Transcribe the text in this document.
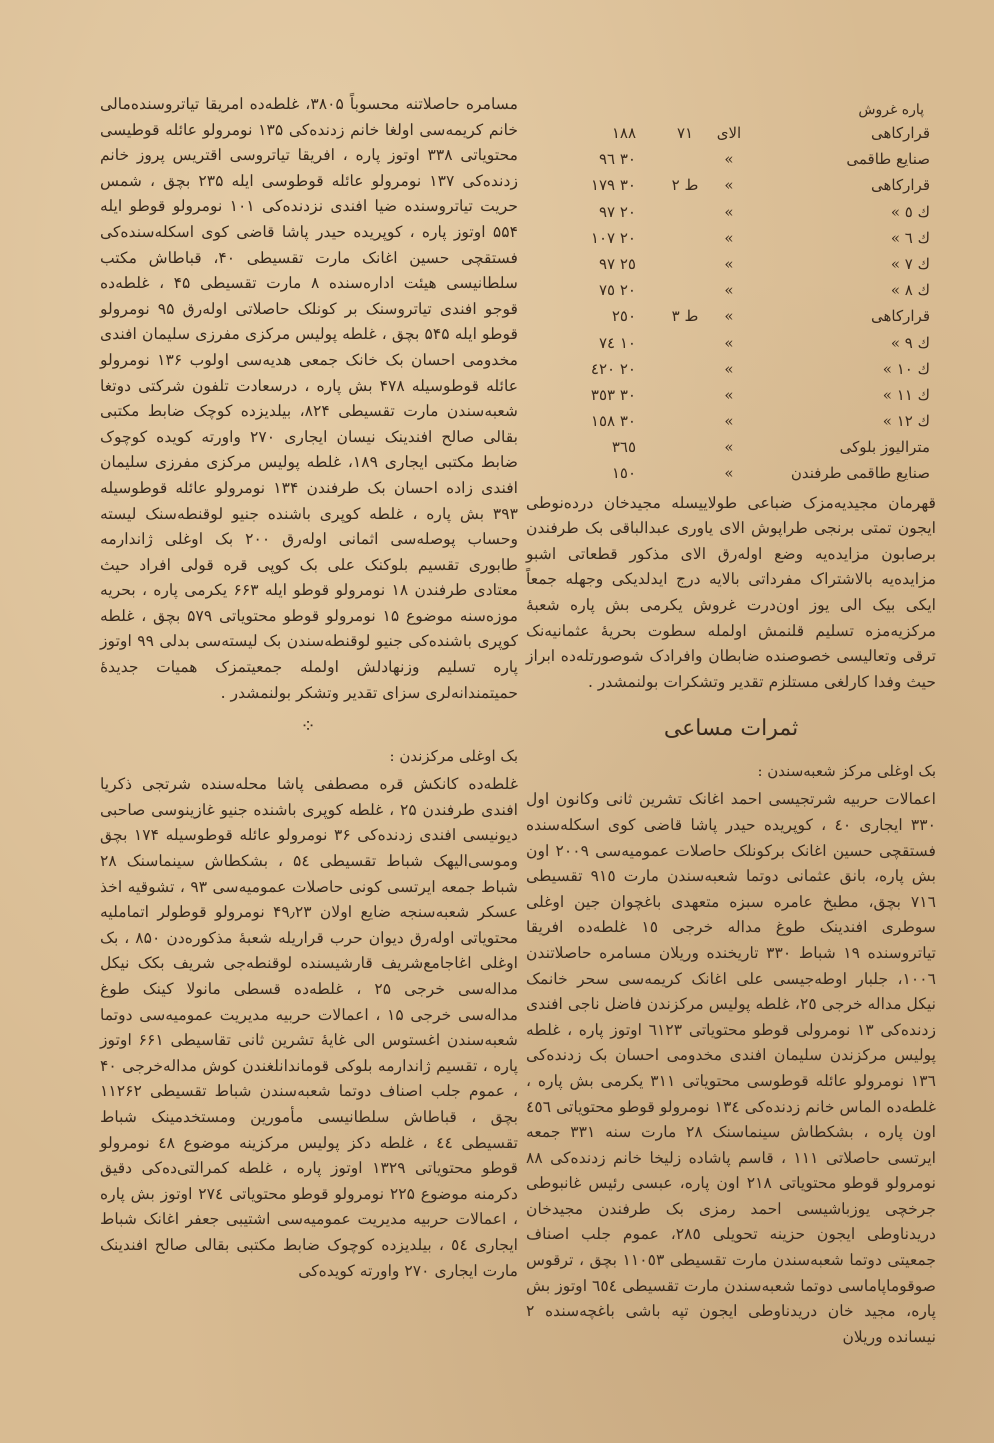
مسامره حاصلاتنه محسوباً ۳۸۰۵، غلطه‌ده امریقا تیاتروسنده‌مالی خانم کریمه‌سی اولغا خانم زدنده‌کی ۱۳۵ نومرولو عائله قوطیسی محتویاتی ۳۳۸ اوتوز پاره ، افریقا تیاتروسی اقتریس پروز خانم زدنده‌کی ۱۳۷ نومرولو عائله قوطوسی ایله ۲۳۵ بچق ، شمس حریت تیاتروسنده ضیا افندی نزدنده‌کی ۱۰۱ نومرولو قوطو ایله ۵۵۴ اوتوز پاره ، کوپریده حیدر پاشا قاضی کوی اسکله‌سنده‌کی فستقچی حسین اغانک مارت تقسیطی ۴۰، قباطاش مکتب سلطانیسی هیئت اداره‌سنده ۸ مارت تقسیطی ۴۵ ، غلطه‌ده قوجو افندی تیاتروسنک بر کونلک حاصلاتی اوله‌رق ۹۵ نومرولو قوطو ایله ۵۴۵ بچق ، غلطه پولیس مرکزی مفرزی سلیمان افندی مخدومی احسان بک خانک جمعی هدیه‌سی اولوب ۱۳۶ نومرولو عائله قوطوسیله ۴۷۸ بش پاره ، درسعادت تلفون شرکتی دوتغا شعبه‌سندن مارت تقسیطی ۸۲۴، بیلدیزده کوچک ضابط مکتبی بقالی صالح افندینک نیسان ایجاری ۲۷۰ واورته کویده کوچوک ضابط مکتبی ایجاری ۱۸۹، غلطه پولیس مرکزی مفرزی سلیمان افندی زاده احسان بک طرفندن ۱۳۴ نومرولو عائله قوطوسیله ۳۹۳ بش پاره ، غلطه کوپری باشنده جنیو لوقنطه‌سنک لیسته وحساب پوصله‌سی اثمانی اوله‌رق ۲۰۰ بک اوغلی ژاندارمه طابوری تقسیم بلوکنک علی بک کوپی قره قولی افراد حیث معتادی طرفندن ۱۸ نومرولو قوطو ایله ۶۶۳ یکرمی پاره ، بحریه موزه‌سنه موضوع ۱۵ نومرولو قوطو محتویاتی ۵۷۹ بچق ، غلطه کوپری باشنده‌کی جنیو لوقنطه‌سندن بک لیسته‌سی بدلی ۹۹ اوتوز پاره تسلیم وزنهادلش اولمله جمعیتمزک همیات جدیدۀ حمیتمندانه‌لری سزای تقدیر وتشکر بولنمشدر .

⁘
بک اوغلی مرکزندن :

غلطه‌ده کانکش قره مصطفی پاشا محله‌سنده شرتجی ذکریا افندی طرفندن ۲۵ ، غلطه کوپری باشنده جنیو غازینوسی صاحبی دیونیسی افندی زدنده‌کی ۳۶ نومرولو عائله قوطوسیله ۱۷۴ بچق وموسی‌الیهک شباط تقسیطی ۵٤ ، بشکطاش سینماسنک ۲۸ شباط جمعه ایرتسی کونی حاصلات عمومیه‌سی ۹۳ ، تشوقیه اخذ عسکر شعبه‌سنجه ضایع اولان ۴۹٫۲۳ نومرولو قوطولر اتماملیه محتویاتی اوله‌رق دیوان حرب قراریله شعبۀ مذکوره‌دن ۸۵۰ ، بک اوغلی اغاجامع‌شریف قارشیسنده لوقنطه‌جی شریف بکک نیکل مداله‌سی خرجی ۲۵ ، غلطه‌ده قسطی مانولا کینک طوغ مداله‌سی خرجی ۱۵ ، اعمالات حربیه مدیریت عمومیه‌سی دوتما شعبه‌سندن اغستوس الی غایۀ تشرین ثانی تقاسیطی ۶۶۱ اوتوز پاره ، تقسیم ژاندارمه بلوکی قوماندانلغندن کوش مداله‌خرجی ۴۰ ، عموم جلب اصناف دوتما شعبه‌سندن شباط تقسیطی ۱۱۲۶۲ بچق ، قباطاش سلطانیسی مأمورین ومستخدمینک شباط تقسیطی ٤٤ ، غلطه دکز پولیس مرکزینه موضوع ٤٨ نومرولو قوطو محتویاتی ۱۳۲۹ اوتوز پاره ، غلطه کمرالتی‌ده‌کی دقیق دکرمنه موضوع ۲۲۵ نومرولو قوطو محتویاتی ۲۷٤ اوتوز بش پاره ، اعمالات حربیه مدیریت عمومیه‌سی اشتیبی جعفر اغانک شباط ایجاری ٥٤ ، بیلدیزده کوچوک ضابط مکتبی بقالی صالح افندینک مارت ایجاری ۲۷۰ واورته کویده‌کی

پاره غروش
قرارکاهی
الای
۷۱
۱۸۸
صنایع طاقمی
»
۳۰ ۹٦
قرارکاهی
»
ط ۲
۳۰ ۱۷۹
ك ٥ »
»
۲۰ ۹۷
ك ٦ »
»
۲۰ ۱۰۷
ك ۷ »
»
۲٥ ۹۷
ك ۸ »
»
۲۰ ۷٥
قرارکاهی
»
ط ۳
۲٥۰
ك ۹ »
»
۱۰ ۷٤
ك ۱۰ »
»
۲۰ ٤۲۰
ك ۱۱ »
»
۳۰ ۳٥۳
ك ۱۲ »
»
۳۰ ۱٥۸
مترالیوز بلوکی
»
۳٦٥
صنایع طاقمی طرفندن
»
۱٥۰

قهرمان مجیدیه‌مزک ضباعی طولاییسله مجیدخان دردەنوطی ایجون تمتی برنجی طراپوش الای یاوری عبدالباقی بک طرفندن برصابون مزایده‌یه وضع اوله‌رق الای مذکور قطعاتی اشبو مزایده‌یه بالاشتراک مفرداتی بالایه درج ایدلدیکی وجهله جمعاً ایکی بیک الی یوز اون‌درت غروش یکرمی بش پاره شعبۀ مرکزیه‌مزه تسلیم قلنمش اولمله سطوت بحریۀ عثمانیه‌نک ترقی وتعالیسی خصوصنده ضابطان وافرادک شوصورتله‌ده ابراز حیث وفدا کارلغی مستلزم تقدیر وتشکرات بولنمشدر .

ثمرات مساعی
بک اوغلی مرکز شعبه‌سندن :

اعمالات حربیه شرتجیسی احمد اغانک تشرین ثانی وکانون اول ۳۳۰ ایجاری ٤۰ ، کوپریده حیدر پاشا قاضی کوی اسکله‌سنده فستقچی حسین اغانک برکونلک حاصلات عمومیه‌سی ۲۰۰۹ اون بش پاره، بانق عثمانی دوتما شعبه‌سندن مارت ۹۱٥ تقسیطی ۷۱٦ بچق، مطبخ عامره سبزه متعهدی باغچوان جین اوغلی سوطری افندینک طوغ مداله خرجی ۱٥ غلطه‌ده افریقا تیاتروسنده ۱۹ شباط ۳۳۰ تاریخنده وریلان مسامره حاصلاتندن ۱۰۰٦، جلبار اوطه‌جیسی علی اغانک کریمه‌سی سحر خانمک نیکل مداله خرجی ۲٥، غلطه پولیس مرکزندن فاضل ناجی افندی زدنده‌کی ۱۳ نومرولی قوطو محتویاتی ٦۱۲۳ اوتوز پاره ، غلطه پولیس مرکزندن سلیمان افندی مخدومی احسان بک زدنده‌کی ۱۳٦ نومرولو عائله قوطوسی محتویاتی ۳۱۱ یکرمی بش پاره ، غلطه‌ده الماس خانم زدنده‌کی ۱۳٤ نومرولو قوطو محتویاتی ٤٥٦ اون پاره ، بشکطاش سینماسنک ۲۸ مارت سنه ۳۳۱ جمعه ایرتسی حاصلاتی ۱۱۱ ، قاسم پاشاده زلیخا خانم زدنده‌کی ۸۸ نومرولو قوطو محتویاتی ۲۱۸ اون پاره، عبسی رئیس غانبوطی جرخچی یوزباشیسی احمد رمزی بک طرفندن مجیدخان دریدناوطی ایجون حزینه تحویلی ۲۸٥، عموم جلب اصناف جمعیتی دوتما شعبه‌سندن مارت تقسیطی ۱۱۰٥۳ بچق ، ترقوس صوقوماپاماسی دوتما شعبه‌سندن مارت تقسیطی ٦٥٤ اوتوز بش پاره، مجید خان دریدناوطی ایجون تپه باشی باغچه‌سنده ۲ نیسانده وریلان
